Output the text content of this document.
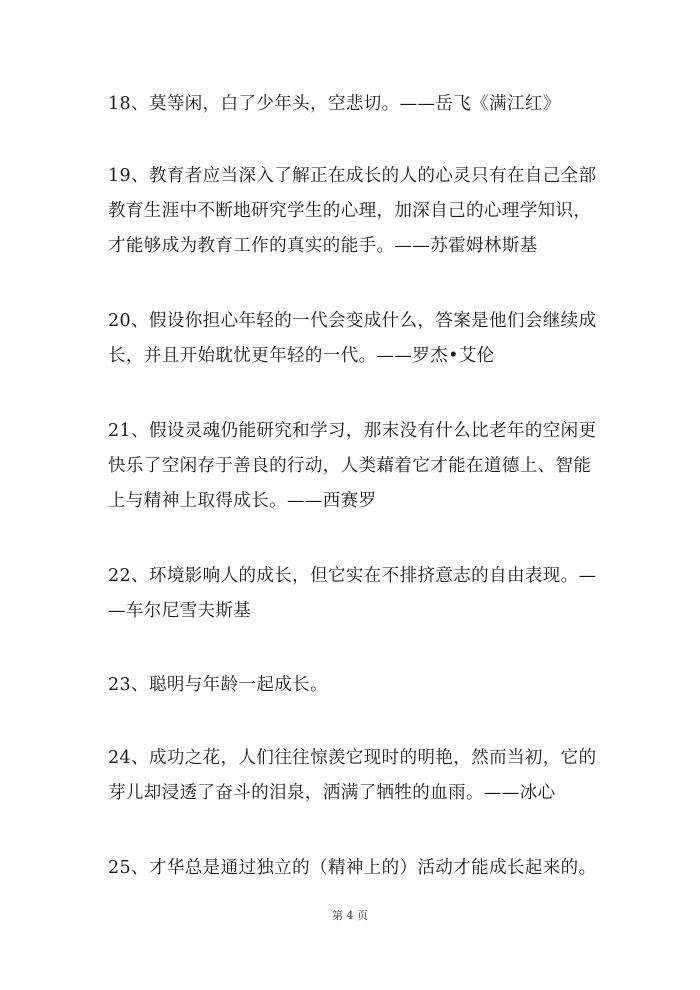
18、莫等闲，白了少年头，空悲切。——岳飞《满江红》

19、教育者应当深入了解正在成长的人的心灵只有在自己全部
教育生涯中不断地研究学生的心理，加深自己的心理学知识，
才能够成为教育工作的真实的能手。——苏霍姆林斯基

20、假设你担心年轻的一代会变成什么，答案是他们会继续成
长，并且开始耽忧更年轻的一代。——罗杰•艾伦

21、假设灵魂仍能研究和学习，那末没有什么比老年的空闲更
快乐了空闲存于善良的行动，人类藉着它才能在道德上、智能
上与精神上取得成长。——西赛罗

22、环境影响人的成长，但它实在不排挤意志的自由表现。—
—车尔尼雪夫斯基

23、聪明与年龄一起成长。

24、成功之花，人们往往惊羡它现时的明艳，然而当初，它的
芽儿却浸透了奋斗的泪泉，洒满了牺牲的血雨。——冰心

25、才华总是通过独立的（精神上的）活动才能成长起来的。

第 4 页
